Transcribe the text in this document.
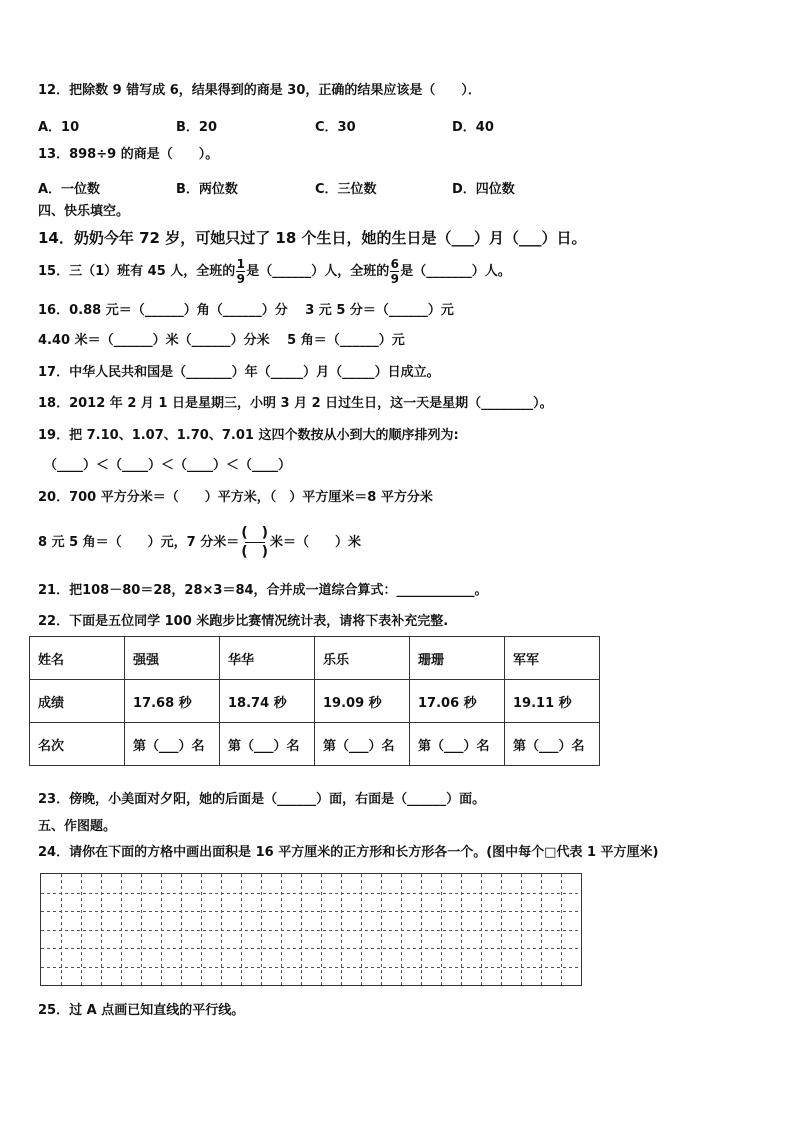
12．把除数 9 错写成 6，结果得到的商是 30，正确的结果应该是（　　）．
A．10	B．20	C．30	D．40
13．898÷9 的商是（　　）。
A．一位数	B．两位数	C．三位数	D．四位数
四、快乐填空。
14．奶奶今年 72 岁，可她只过了 18 个生日，她的生日是（___）月（___）日。
15．三（1）班有 45 人，全班的 $\frac{1}{9}$ 是（______）人，全班的 $\frac{6}{9}$ 是（_______）人。
16．0.88 元＝（______）角（______）分　 3 元 5 分＝（______）元
4.40 米＝（______）米（______）分米　 5 角＝（______）元
17．中华人民共和国是（_______）年（_____）月（_____）日成立。
18．2012 年 2 月 1 日是星期三，小明 3 月 2 日过生日，这一天是星期（________）。
19．把 7.10、1.07、1.70、7.01 这四个数按从小到大的顺序排列为:
（____）＜（____）＜（____）＜（____）
20．700 平方分米＝（　　）平方米，（　）平方厘米＝8 平方分米
8 元 5 角＝（　　）元，7 分米＝
(　)
(　)
米＝（　　）米
21．把108－80＝28，28×3＝84，合并成一道综合算式：____________。
22．下面是五位同学 100 米跑步比赛情况统计表，请将下表补充完整.
姓名	强强	华华	乐乐	珊珊	军军
成绩	17.68 秒	18.74 秒	19.09 秒	17.06 秒	19.11 秒
名次	第（___）名	第（___）名	第（___）名	第（___）名	第（___）名
23．傍晚，小美面对夕阳，她的后面是（______）面，右面是（______）面。
五、作图题。
24．请你在下面的方格中画出面积是 16 平方厘米的正方形和长方形各一个。(图中每个□代表 1 平方厘米)
25．过 A 点画已知直线的平行线。
